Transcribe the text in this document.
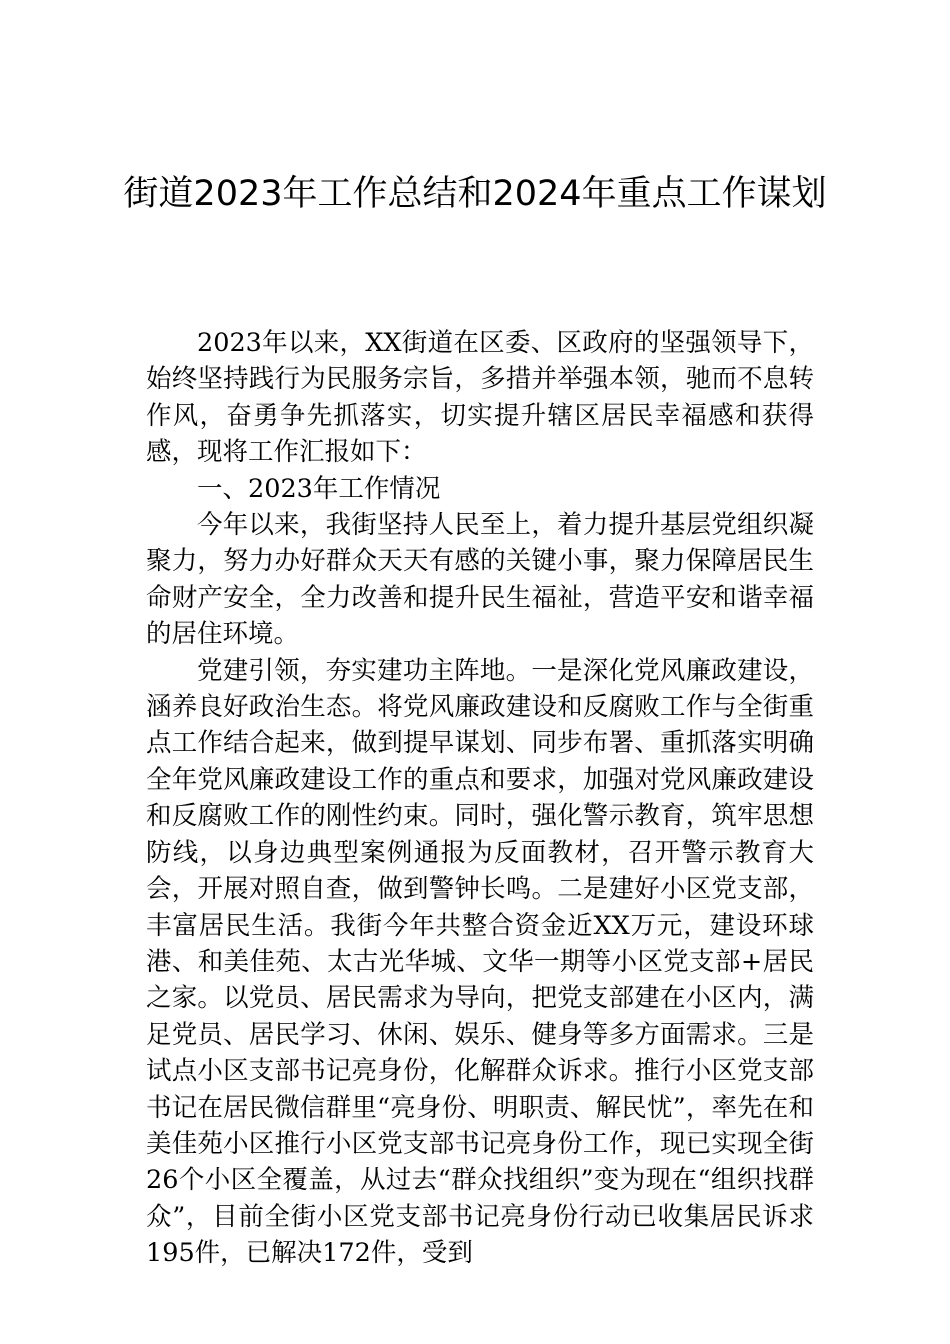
街道2023年工作总结和2024年重点工作谋划

2023年以来，XX街道在区委、区政府的坚强领导下，始终坚持践行为民服务宗旨，多措并举强本领，驰而不息转作风，奋勇争先抓落实，切实提升辖区居民幸福感和获得感，现将工作汇报如下：

一、2023年工作情况

今年以来，我街坚持人民至上，着力提升基层党组织凝聚力，努力办好群众天天有感的关键小事，聚力保障居民生命财产安全，全力改善和提升民生福祉，营造平安和谐幸福的居住环境。

党建引领，夯实建功主阵地。一是深化党风廉政建设，涵养良好政治生态。将党风廉政建设和反腐败工作与全街重点工作结合起来，做到提早谋划、同步布署、重抓落实明确全年党风廉政建设工作的重点和要求，加强对党风廉政建设和反腐败工作的刚性约束。同时，强化警示教育，筑牢思想防线，以身边典型案例通报为反面教材，召开警示教育大会，开展对照自查，做到警钟长鸣。二是建好小区党支部，丰富居民生活。我街今年共整合资金近XX万元，建设环球港、和美佳苑、太古光华城、文华一期等小区党支部+居民之家。以党员、居民需求为导向，把党支部建在小区内，满足党员、居民学习、休闲、娱乐、健身等多方面需求。三是试点小区支部书记亮身份，化解群众诉求。推行小区党支部书记在居民微信群里“亮身份、明职责、解民忧”，率先在和美佳苑小区推行小区党支部书记亮身份工作，现已实现全街26个小区全覆盖，从过去“群众找组织”变为现在“组织找群众”，目前全街小区党支部书记亮身份行动已收集居民诉求195件，已解决172件，受到
